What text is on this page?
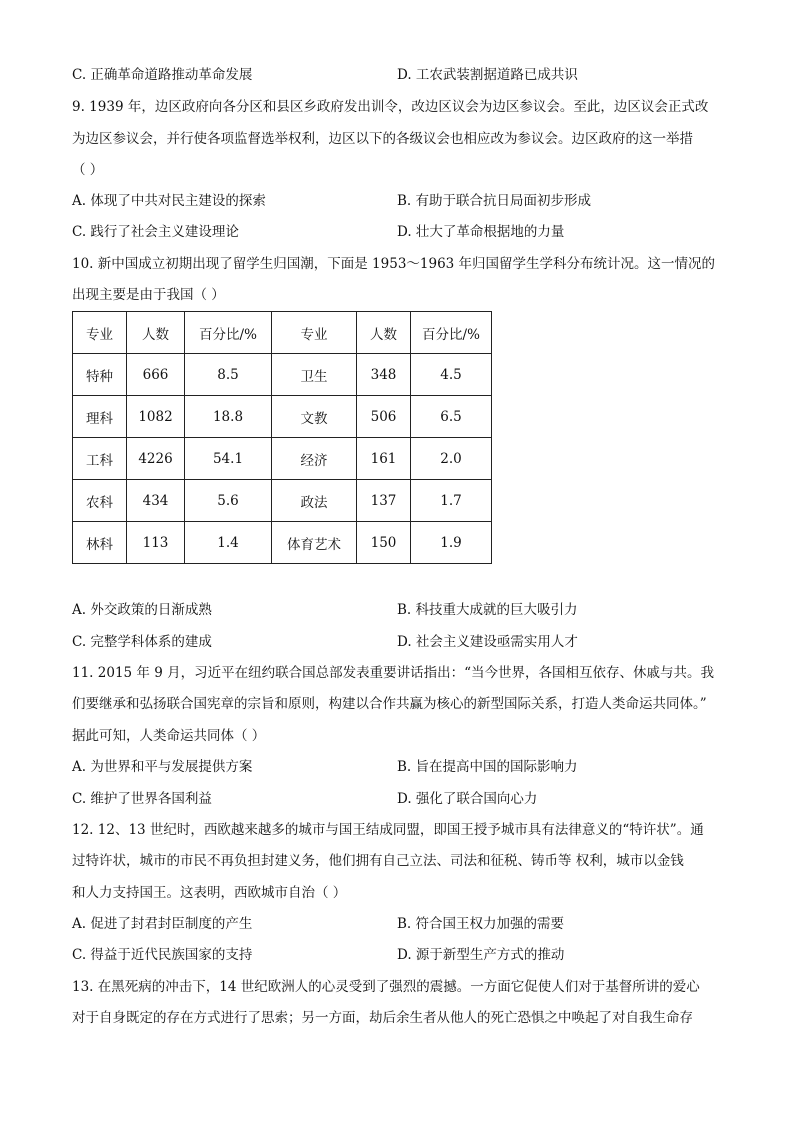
C. 正确革命道路推动革命发展	D. 工农武装割据道路已成共识
9. 1939 年，边区政府向各分区和县区乡政府发出训令，改边区议会为边区参议会。至此，边区议会正式改
为边区参议会，并行使各项监督选举权利，边区以下的各级议会也相应改为参议会。边区政府的这一举措
（ ）
A. 体现了中共对民主建设的探索	B. 有助于联合抗日局面初步形成
C. 践行了社会主义建设理论	D. 壮大了革命根据地的力量
10. 新中国成立初期出现了留学生归国潮，下面是 1953～1963 年归国留学生学科分布统计况。这一情况的
出现主要是由于我国（ ）
专业	人数	百分比/%	专业	人数	百分比/%
特种	666	8.5	卫生	348	4.5
理科	1082	18.8	文教	506	6.5
工科	4226	54.1	经济	161	2.0
农科	434	5.6	政法	137	1.7
林科	113	1.4	体育艺术	150	1.9
A. 外交政策的日渐成熟	B. 科技重大成就的巨大吸引力
C. 完整学科体系的建成	D. 社会主义建设亟需实用人才
11. 2015 年 9 月，习近平在纽约联合国总部发表重要讲话指出：“当今世界，各国相互依存、休戚与共。我
们要继承和弘扬联合国宪章的宗旨和原则，构建以合作共赢为核心的新型国际关系，打造人类命运共同体。”
据此可知，人类命运共同体（ ）
A. 为世界和平与发展提供方案	B. 旨在提高中国的国际影响力
C. 维护了世界各国利益	D. 强化了联合国向心力
12. 12、13 世纪时，西欧越来越多的城市与国王结成同盟，即国王授予城市具有法律意义的“特许状”。通
过特许状，城市的市民不再负担封建义务，他们拥有自己立法、司法和征税、铸币等 权利，城市以金钱
和人力支持国王。这表明，西欧城市自治（ ）
A. 促进了封君封臣制度的产生	B. 符合国王权力加强的需要
C. 得益于近代民族国家的支持	D. 源于新型生产方式的推动
13. 在黑死病的冲击下，14 世纪欧洲人的心灵受到了强烈的震撼。一方面它促使人们对于基督所讲的爱心
对于自身既定的存在方式进行了思索；另一方面，劫后余生者从他人的死亡恐惧之中唤起了对自我生命存
